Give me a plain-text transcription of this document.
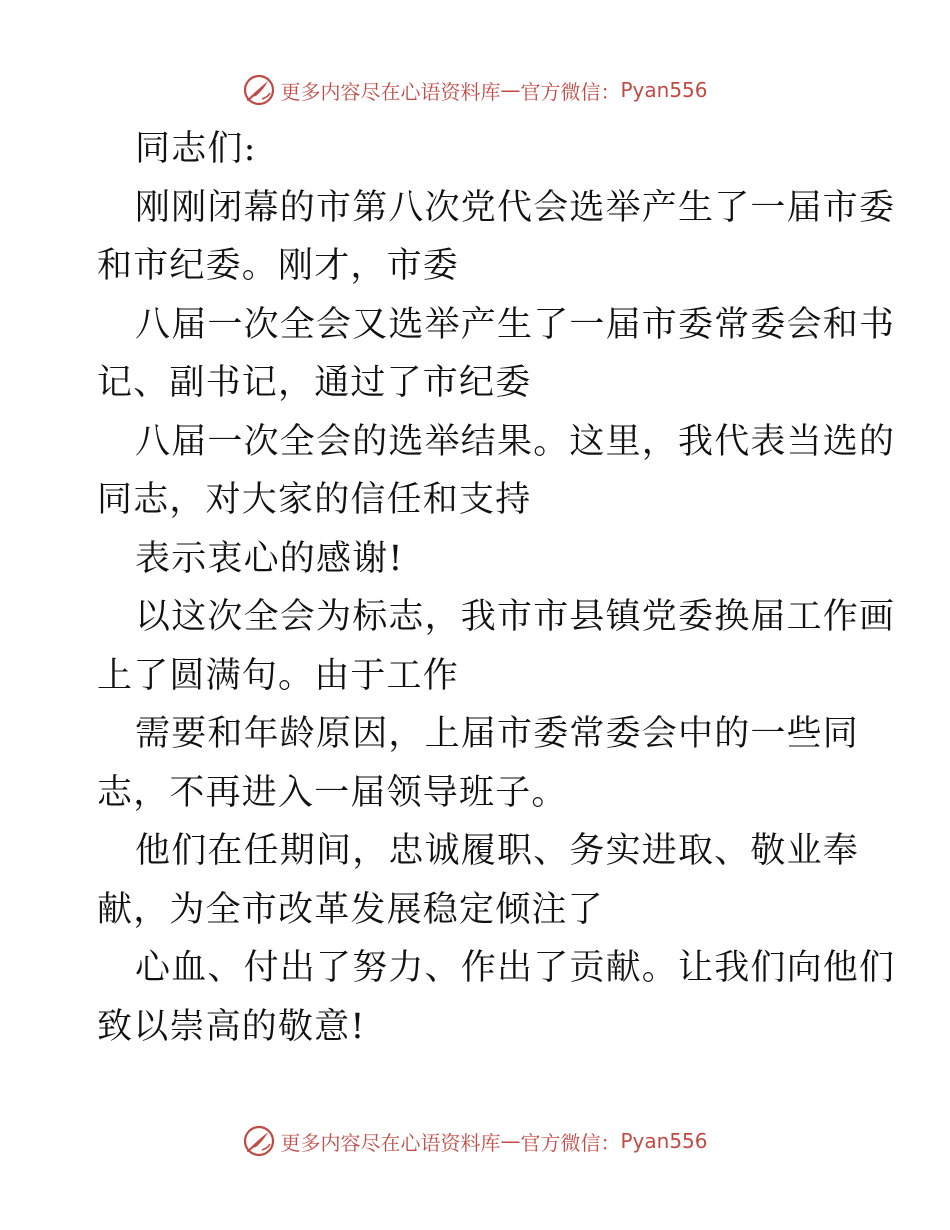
更多内容尽在心语资料库 — 官方微信： Pyan556
同志们:
刚刚闭幕的市第八次党代会选举产生了一届市委
和市纪委。刚才，市委
八届一次全会又选举产生了一届市委常委会和书
记、副书记，通过了市纪委
八届一次全会的选举结果。这里，我代表当选的
同志，对大家的信任和支持
表示衷心的感谢!
以这次全会为标志，我市市县镇党委换届工作画
上了圆满句。由于工作
需要和年龄原因，上届市委常委会中的一些同
志，不再进入一届领导班子。
他们在任期间，忠诚履职、务实进取、敬业奉
献，为全市改革发展稳定倾注了
心血、付出了努力、作出了贡献。让我们向他们
致以崇高的敬意!
更多内容尽在心语资料库 — 官方微信： Pyan556
